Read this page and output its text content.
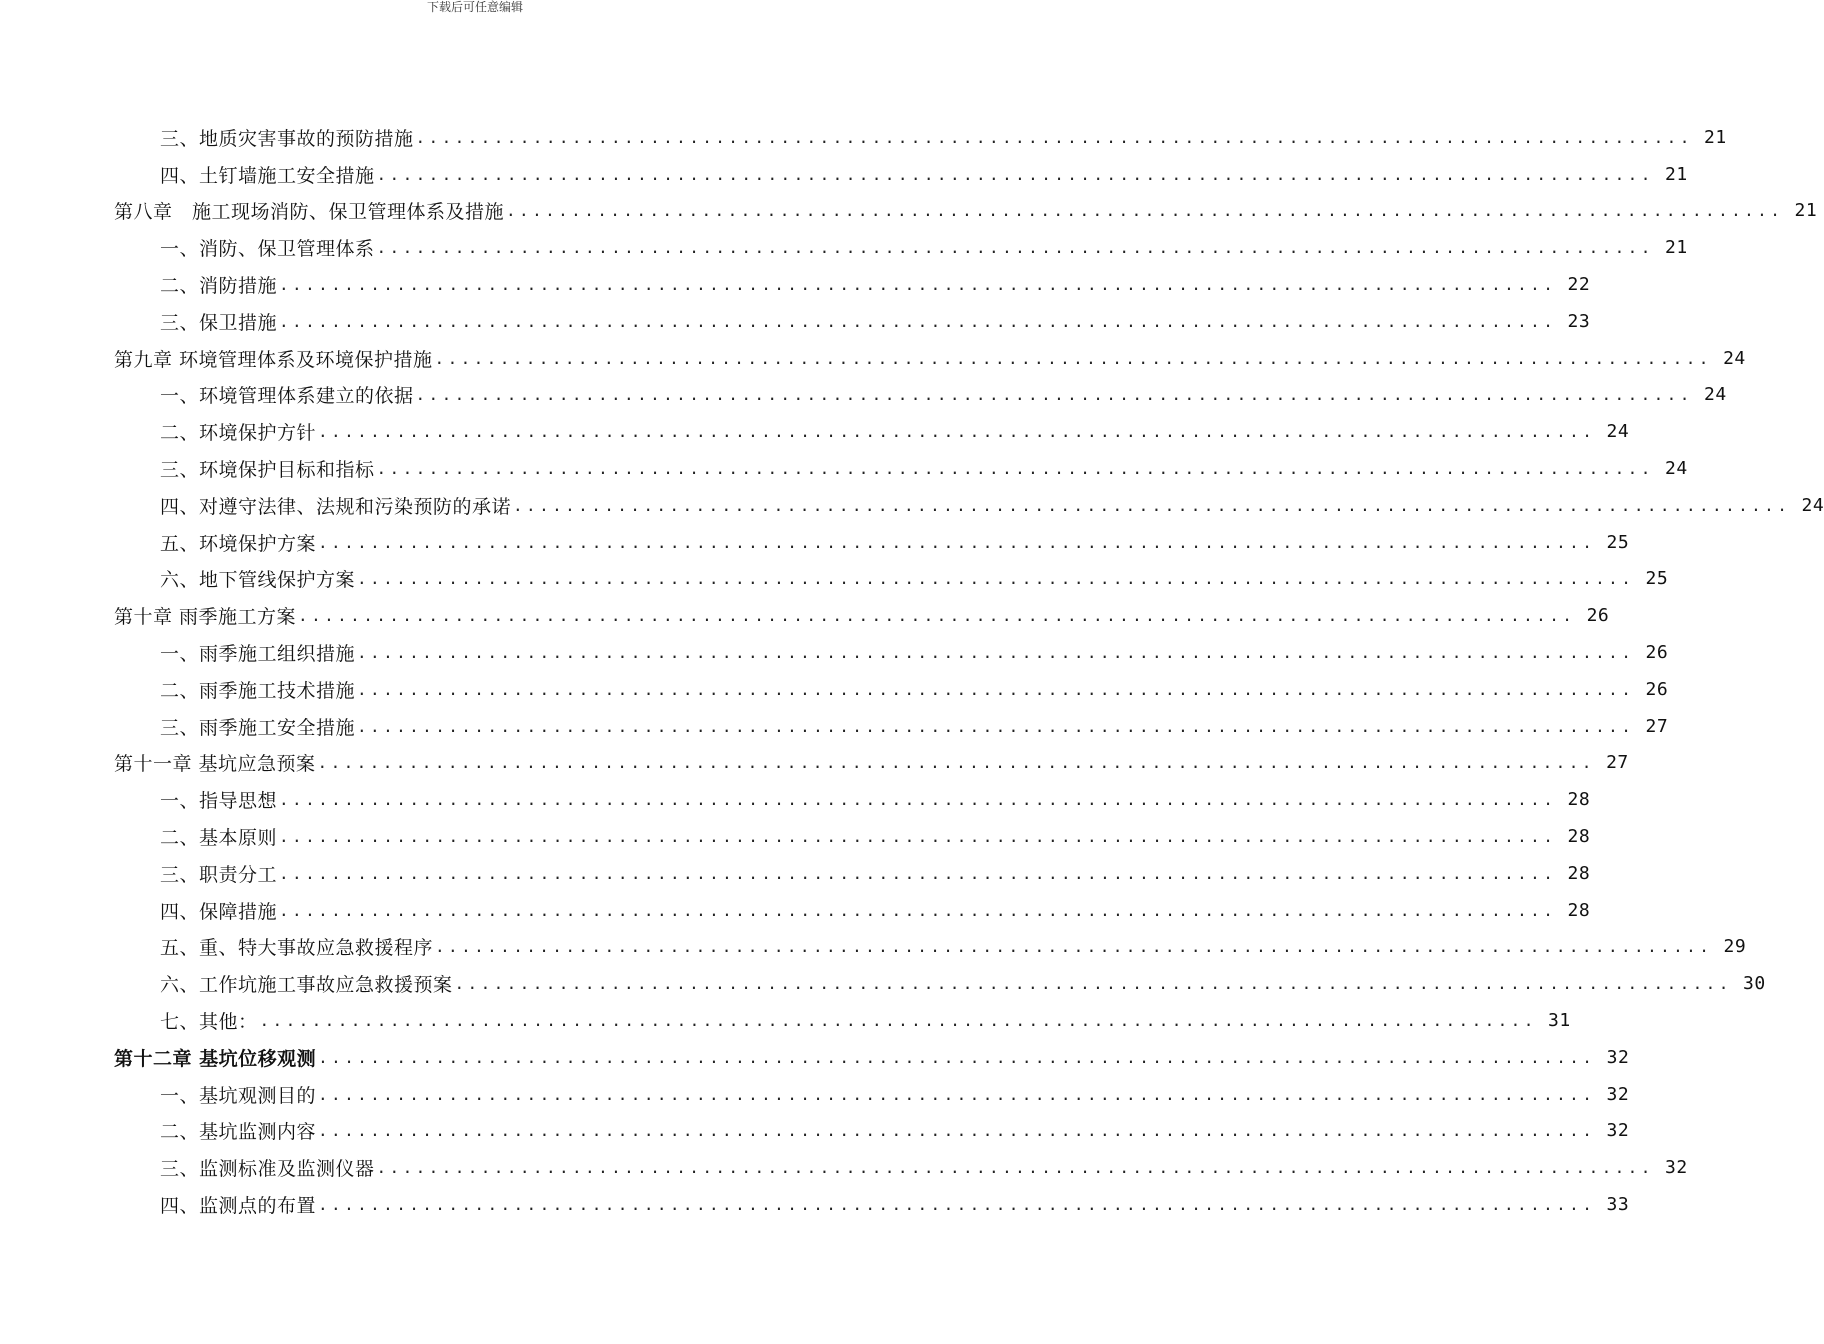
下载后可任意编辑
三、地质灾害事故的预防措施 .................................................................................................. 21
四、土钉墙施工安全措施 .................................................................................................. 21
第八章　施工现场消防、保卫管理体系及措施 .................................................................................................. 21
一、消防、保卫管理体系 .................................................................................................. 21
二、消防措施 .................................................................................................. 22
三、保卫措施 .................................................................................................. 23
第九章 环境管理体系及环境保护措施 .................................................................................................. 24
一、环境管理体系建立的依据 .................................................................................................. 24
二、环境保护方针 .................................................................................................. 24
三、环境保护目标和指标 .................................................................................................. 24
四、对遵守法律、法规和污染预防的承诺 .................................................................................................. 24
五、环境保护方案 .................................................................................................. 25
六、地下管线保护方案 .................................................................................................. 25
第十章 雨季施工方案 .................................................................................................. 26
一、雨季施工组织措施 .................................................................................................. 26
二、雨季施工技术措施 .................................................................................................. 26
三、雨季施工安全措施 .................................................................................................. 27
第十一章 基坑应急预案 .................................................................................................. 27
一、指导思想 .................................................................................................. 28
二、基本原则 .................................................................................................. 28
三、职责分工 .................................................................................................. 28
四、保障措施 .................................................................................................. 28
五、重、特大事故应急救援程序 .................................................................................................. 29
六、工作坑施工事故应急救援预案 .................................................................................................. 30
七、其他： .................................................................................................. 31
第十二章 基坑位移观测 .................................................................................................. 32
一、基坑观测目的 .................................................................................................. 32
二、基坑监测内容 .................................................................................................. 32
三、监测标准及监测仪器 .................................................................................................. 32
四、监测点的布置 .................................................................................................. 33
